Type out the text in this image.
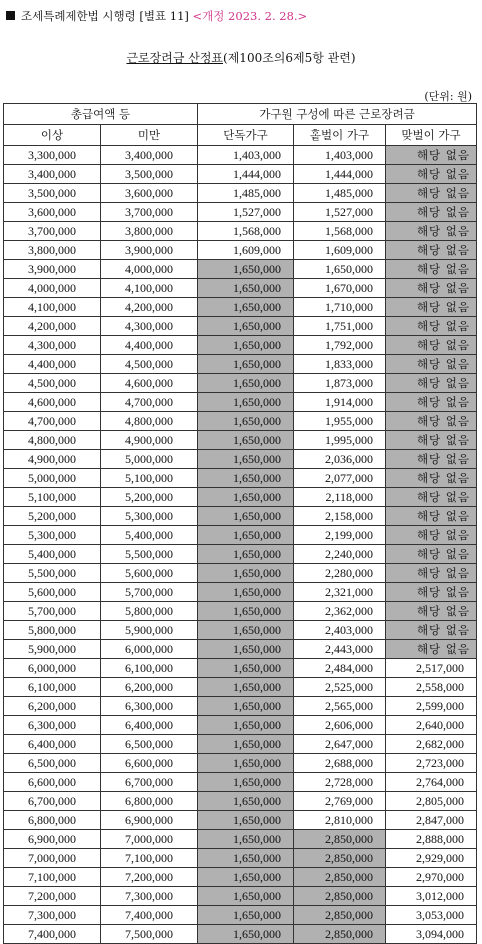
조세특례제한법 시행령 [별표 11] <개정 2023. 2. 28.>
근로장려금 산정표(제100조의6제5항 관련)
(단위: 원)
총급여액 등		가구원 구성에 따른 근로장려금		
이상	미만	단독가구	홑벌이 가구	맞벌이 가구
3,300,000	3,400,000	1,403,000	1,403,000	해당 없음
3,400,000	3,500,000	1,444,000	1,444,000	해당 없음
3,500,000	3,600,000	1,485,000	1,485,000	해당 없음
3,600,000	3,700,000	1,527,000	1,527,000	해당 없음
3,700,000	3,800,000	1,568,000	1,568,000	해당 없음
3,800,000	3,900,000	1,609,000	1,609,000	해당 없음
3,900,000	4,000,000	1,650,000	1,650,000	해당 없음
4,000,000	4,100,000	1,650,000	1,670,000	해당 없음
4,100,000	4,200,000	1,650,000	1,710,000	해당 없음
4,200,000	4,300,000	1,650,000	1,751,000	해당 없음
4,300,000	4,400,000	1,650,000	1,792,000	해당 없음
4,400,000	4,500,000	1,650,000	1,833,000	해당 없음
4,500,000	4,600,000	1,650,000	1,873,000	해당 없음
4,600,000	4,700,000	1,650,000	1,914,000	해당 없음
4,700,000	4,800,000	1,650,000	1,955,000	해당 없음
4,800,000	4,900,000	1,650,000	1,995,000	해당 없음
4,900,000	5,000,000	1,650,000	2,036,000	해당 없음
5,000,000	5,100,000	1,650,000	2,077,000	해당 없음
5,100,000	5,200,000	1,650,000	2,118,000	해당 없음
5,200,000	5,300,000	1,650,000	2,158,000	해당 없음
5,300,000	5,400,000	1,650,000	2,199,000	해당 없음
5,400,000	5,500,000	1,650,000	2,240,000	해당 없음
5,500,000	5,600,000	1,650,000	2,280,000	해당 없음
5,600,000	5,700,000	1,650,000	2,321,000	해당 없음
5,700,000	5,800,000	1,650,000	2,362,000	해당 없음
5,800,000	5,900,000	1,650,000	2,403,000	해당 없음
5,900,000	6,000,000	1,650,000	2,443,000	해당 없음
6,000,000	6,100,000	1,650,000	2,484,000	2,517,000
6,100,000	6,200,000	1,650,000	2,525,000	2,558,000
6,200,000	6,300,000	1,650,000	2,565,000	2,599,000
6,300,000	6,400,000	1,650,000	2,606,000	2,640,000
6,400,000	6,500,000	1,650,000	2,647,000	2,682,000
6,500,000	6,600,000	1,650,000	2,688,000	2,723,000
6,600,000	6,700,000	1,650,000	2,728,000	2,764,000
6,700,000	6,800,000	1,650,000	2,769,000	2,805,000
6,800,000	6,900,000	1,650,000	2,810,000	2,847,000
6,900,000	7,000,000	1,650,000	2,850,000	2,888,000
7,000,000	7,100,000	1,650,000	2,850,000	2,929,000
7,100,000	7,200,000	1,650,000	2,850,000	2,970,000
7,200,000	7,300,000	1,650,000	2,850,000	3,012,000
7,300,000	7,400,000	1,650,000	2,850,000	3,053,000
7,400,000	7,500,000	1,650,000	2,850,000	3,094,000
